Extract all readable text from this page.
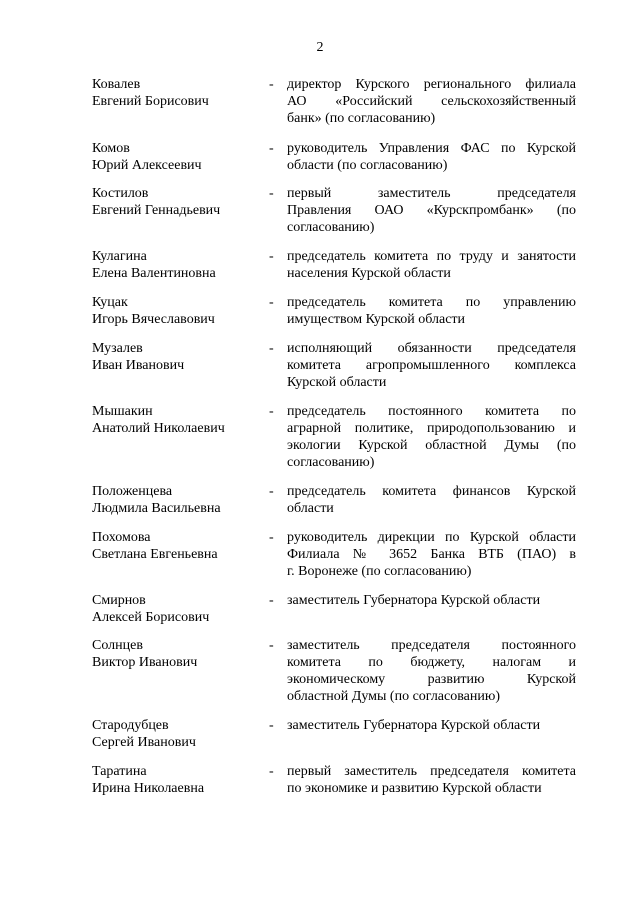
2
Ковалев
Евгений Борисович
- директор Курского регионального филиала
АО «Российский сельскохозяйственный
банк» (по согласованию)
Комов
Юрий Алексеевич
- руководитель Управления ФАС по Курской
области (по согласованию)
Костилов
Евгений Геннадьевич
- первый заместитель председателя
Правления ОАО «Курскпромбанк» (по
согласованию)
Кулагина
Елена Валентиновна
- председатель комитета по труду и занятости
населения Курской области
Куцак
Игорь Вячеславович
- председатель комитета по управлению
имуществом Курской области
Музалев
Иван Иванович
- исполняющий обязанности председателя
комитета агропромышленного комплекса
Курской области
Мышакин
Анатолий Николаевич
- председатель постоянного комитета по
аграрной политике, природопользованию и
экологии Курской областной Думы (по
согласованию)
Положенцева
Людмила Васильевна
- председатель комитета финансов Курской
области
Похомова
Светлана Евгеньевна
- руководитель дирекции по Курской области
Филиала № 3652 Банка ВТБ (ПАО) в
г. Воронеже (по согласованию)
Смирнов
Алексей Борисович
- заместитель Губернатора Курской области
Солнцев
Виктор Иванович
- заместитель председателя постоянного
комитета по бюджету, налогам и
экономическому развитию Курской
областной Думы (по согласованию)
Стародубцев
Сергей Иванович
- заместитель Губернатора Курской области
Таратина
Ирина Николаевна
- первый заместитель председателя комитета
по экономике и развитию Курской области
